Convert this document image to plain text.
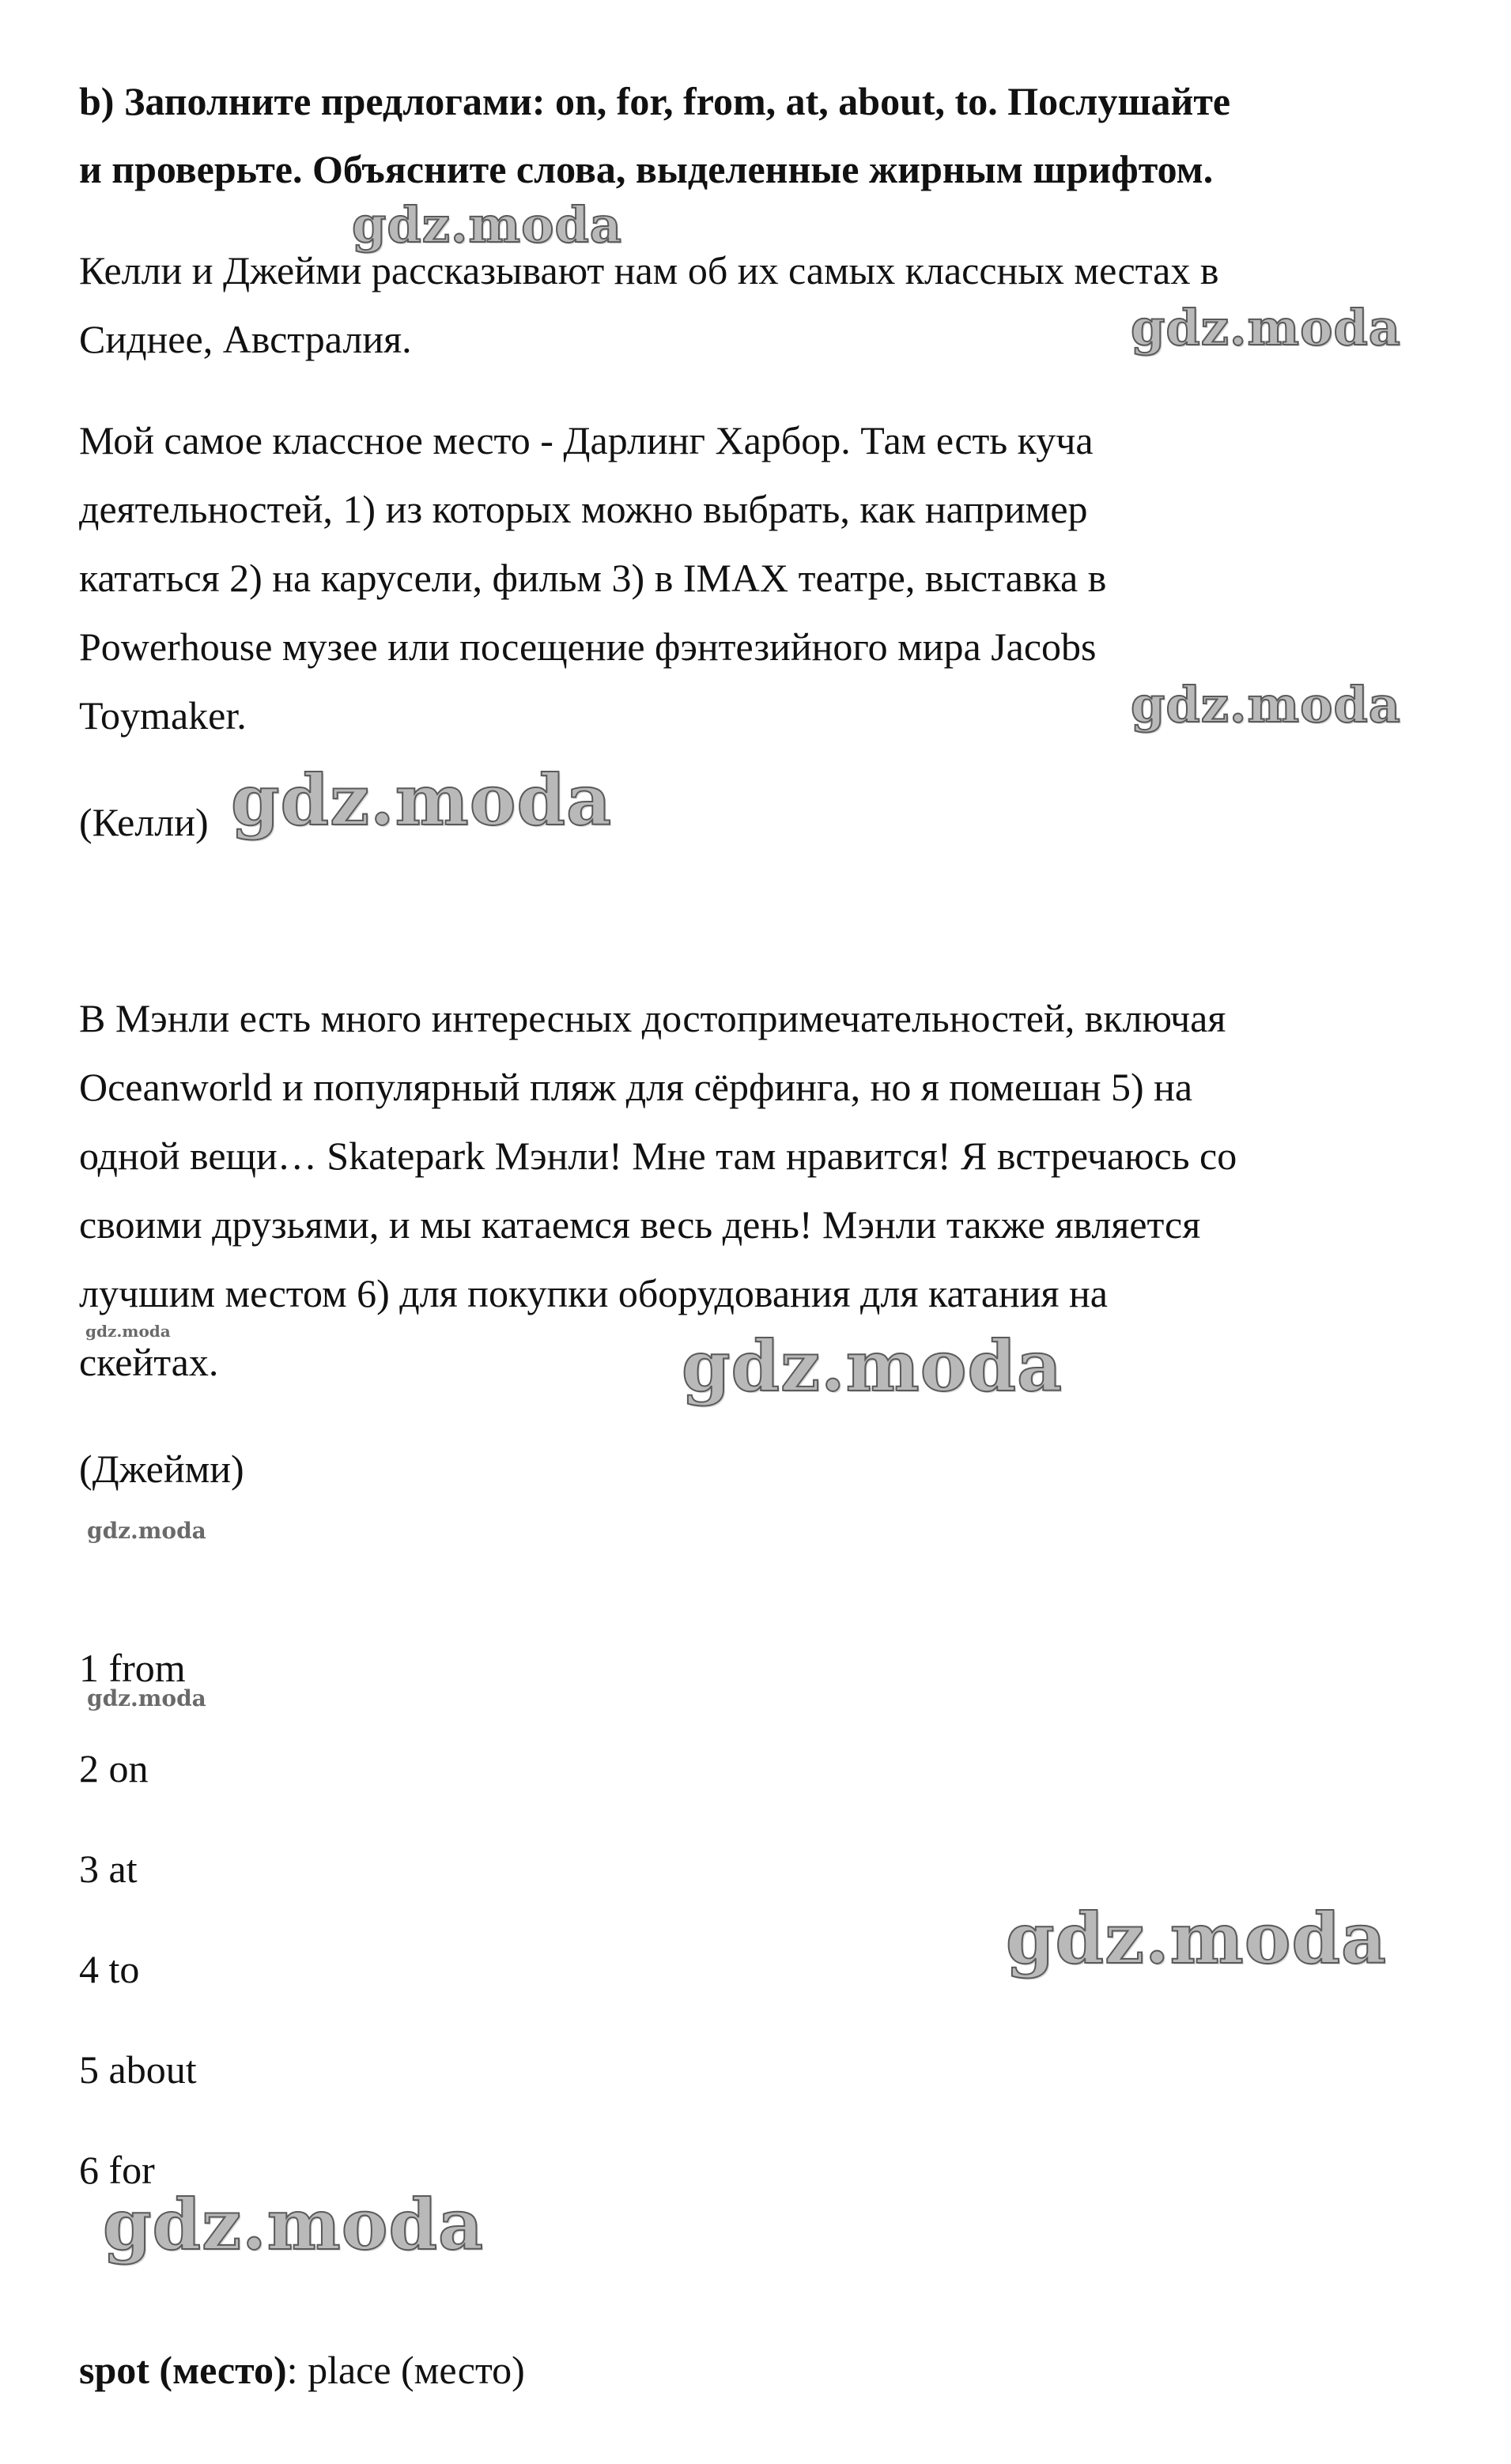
b) Заполните предлогами: on, for, from, at, about, to. Послушайте
и проверьте. Объясните слова, выделенные жирным шрифтом.
Келли и Джейми рассказывают нам об их самых классных местах в
Сиднее, Австралия.
Мой самое классное место - Дарлинг Харбор. Там есть куча
деятельностей, 1) из которых можно выбрать, как например
кататься 2) на карусели, фильм 3) в IMAX театре, выставка в
Powerhouse музее или посещение фэнтезийного мира Jacobs
Toymaker.
(Келли)
В Мэнли есть много интересных достопримечательностей, включая
Oceanworld и популярный пляж для сёрфинга, но я помешан 5) на
одной вещи… Skatepark Мэнли! Мне там нравится! Я встречаюсь со
своими друзьями, и мы катаемся весь день! Мэнли также является
лучшим местом 6) для покупки оборудования для катания на
скейтах.
(Джейми)
1 from
2 on
3 at
4 to
5 about
6 for
spot (место): place (место)
gdz.moda
gdz.moda
gdz.moda
gdz.moda
gdz.moda
gdz.moda
gdz.moda
gdz.moda
gdz.moda
gdz.moda
